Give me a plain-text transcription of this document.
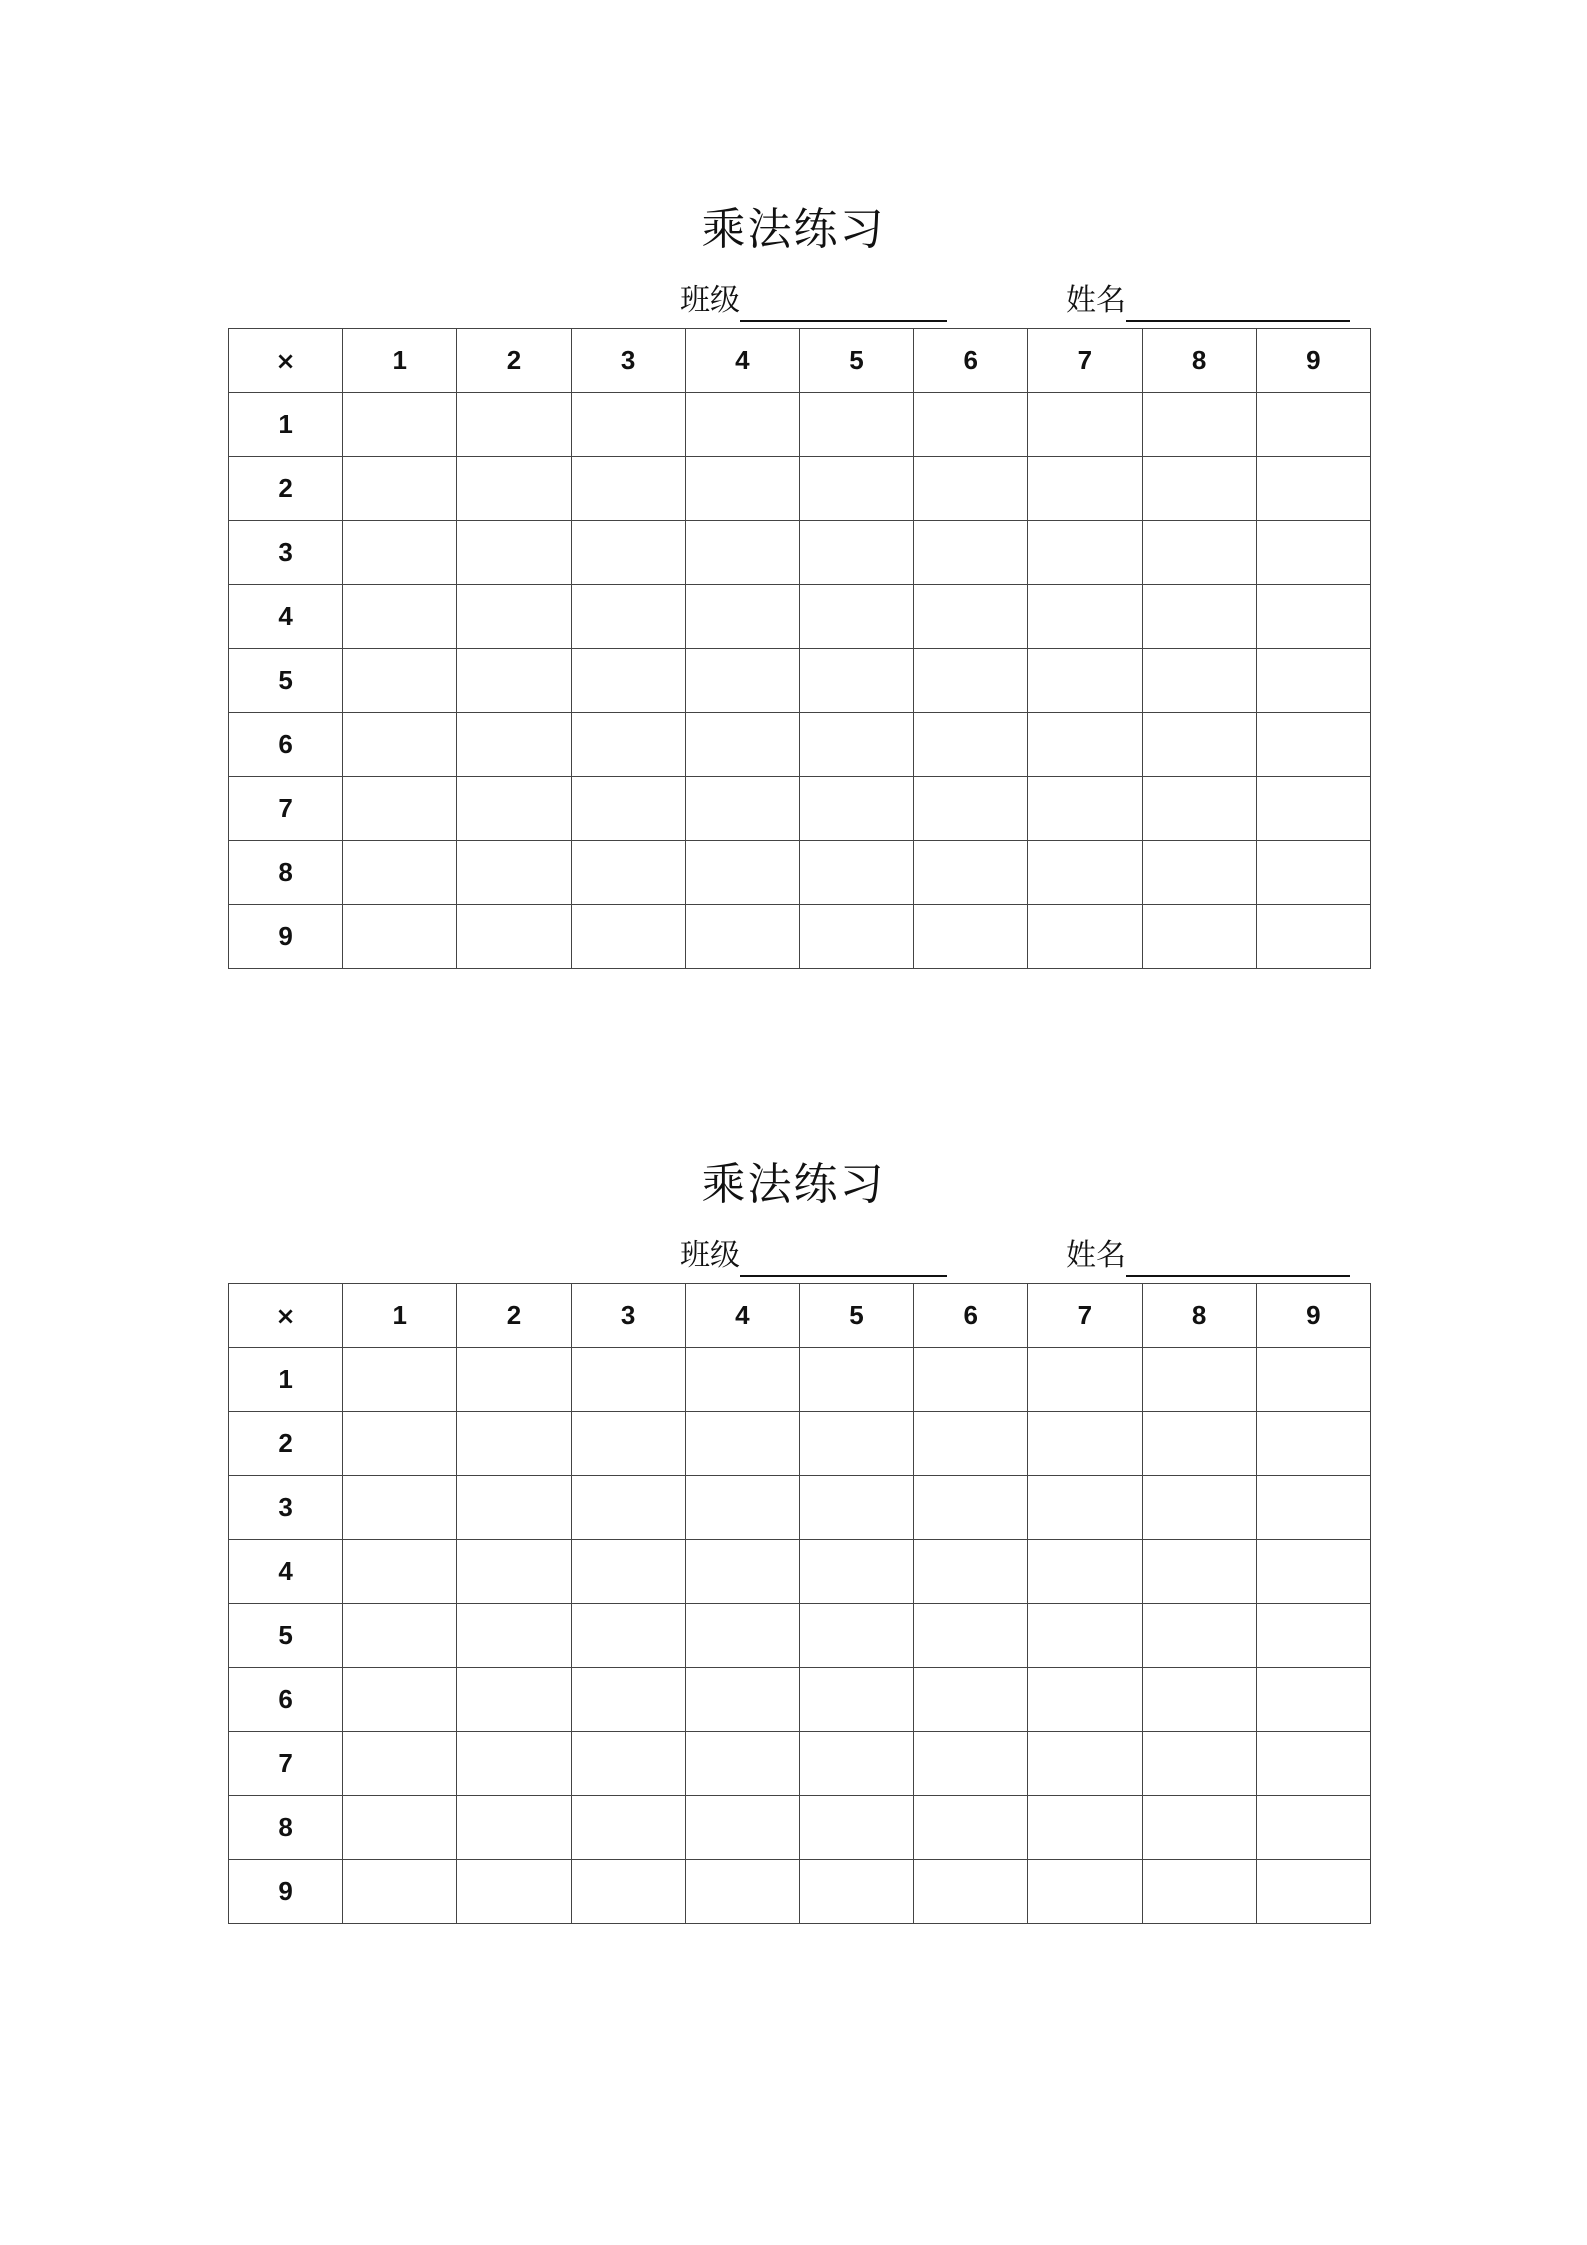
乘法练习
班级	姓名
×	1	2	3	4	5	6	7	8	9
1									
2									
3									
4									
5									
6									
7									
8									
9									
乘法练习
班级	姓名
×	1	2	3	4	5	6	7	8	9
1									
2									
3									
4									
5									
6									
7									
8									
9									
